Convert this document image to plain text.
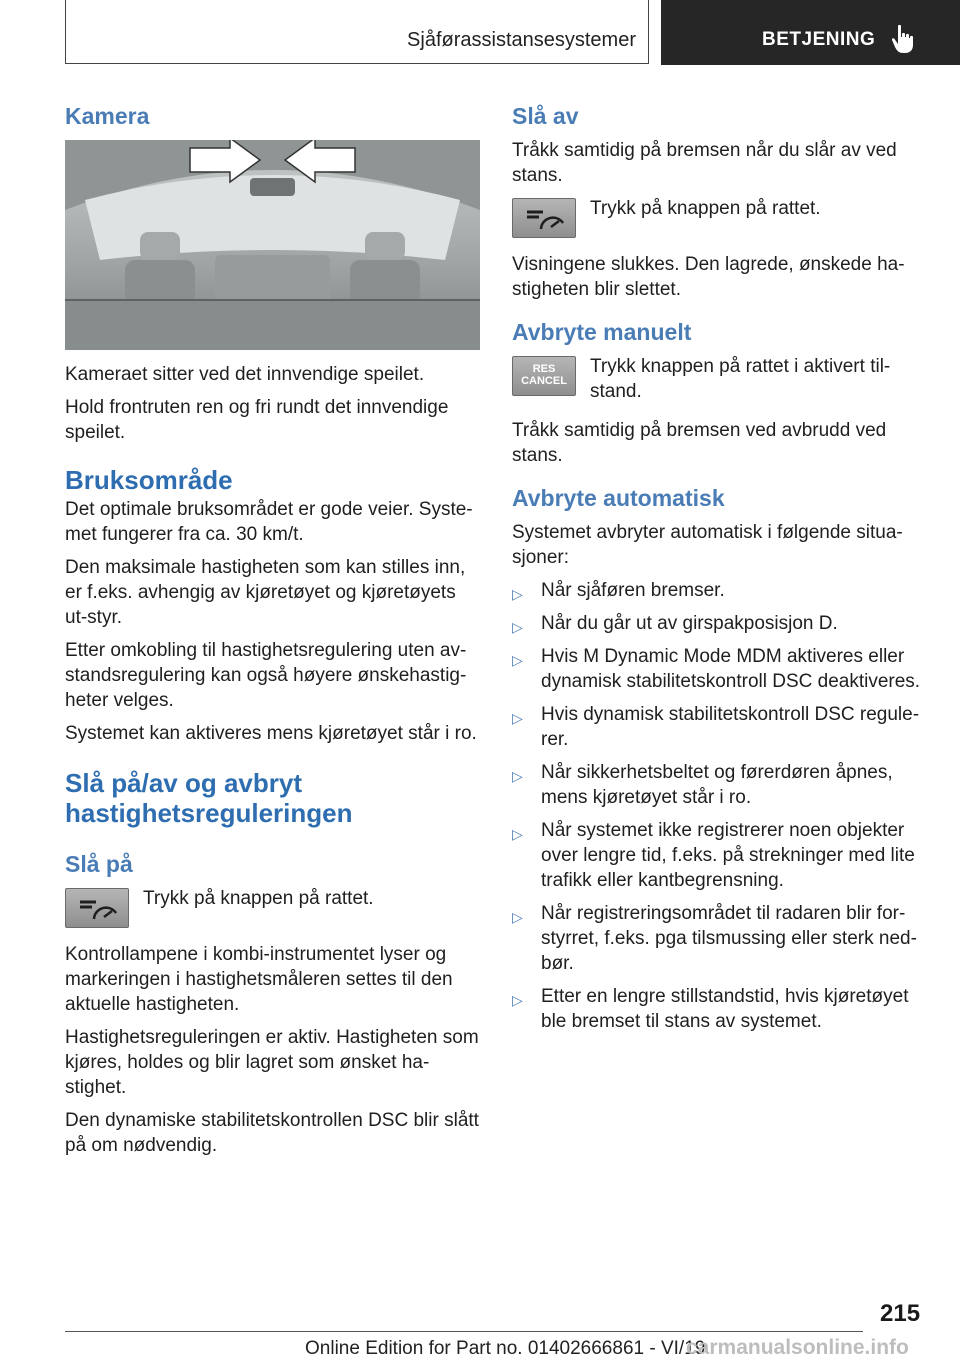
Sjåførassistansesystemer	BETJENING
Kamera

Kameraet sitter ved det innvendige speilet.

Hold frontruten ren og fri rundt det innvendige speilet.

Bruksområde

Det optimale bruksområdet er gode veier. Syste-met fungerer fra ca. 30 km/t.

Den maksimale hastigheten som kan stilles inn, er f.eks. avhengig av kjøretøyet og kjøretøyets ut-styr.

Etter omkobling til hastighetsregulering uten av-standsregulering kan også høyere ønskehastig-heter velges.

Systemet kan aktiveres mens kjøretøyet står i ro.

Slå på/av og avbryt hastighetsreguleringen
Slå på

Trykk på knappen på rattet.

Kontrollampene i kombi-instrumentet lyser og markeringen i hastighetsmåleren settes til den aktuelle hastigheten.

Hastighetsreguleringen er aktiv. Hastigheten som kjøres, holdes og blir lagret som ønsket ha-stighet.

Den dynamiske stabilitetskontrollen DSC blir slått på om nødvendig.

Slå av

Tråkk samtidig på bremsen når du slår av ved stans.

Trykk på knappen på rattet.

Visningene slukkes. Den lagrede, ønskede ha-stigheten blir slettet.

Avbryte manuelt
RES
CANCEL

Trykk knappen på rattet i aktivert til-stand.

Tråkk samtidig på bremsen ved avbrudd ved stans.

Avbryte automatisk

Systemet avbryter automatisk i følgende situa-sjoner:

▷ Når sjåføren bremser.
▷ Når du går ut av girspakposisjon D.
▷ Hvis M Dynamic Mode MDM aktiveres eller dynamisk stabilitetskontroll DSC deaktiveres.
▷ Hvis dynamisk stabilitetskontroll DSC regule-rer.
▷ Når sikkerhetsbeltet og førerdøren åpnes, mens kjøretøyet står i ro.
▷ Når systemet ikke registrerer noen objekter over lengre tid, f.eks. på strekninger med lite trafikk eller kantbegrensning.
▷ Når registreringsområdet til radaren blir for-styrret, f.eks. pga tilsmussing eller sterk ned-bør.
▷ Etter en lengre stillstandstid, hvis kjøretøyet ble bremset til stans av systemet.
215
Online Edition for Part no. 01402666861 - VI/19
carmanualsonline.info
